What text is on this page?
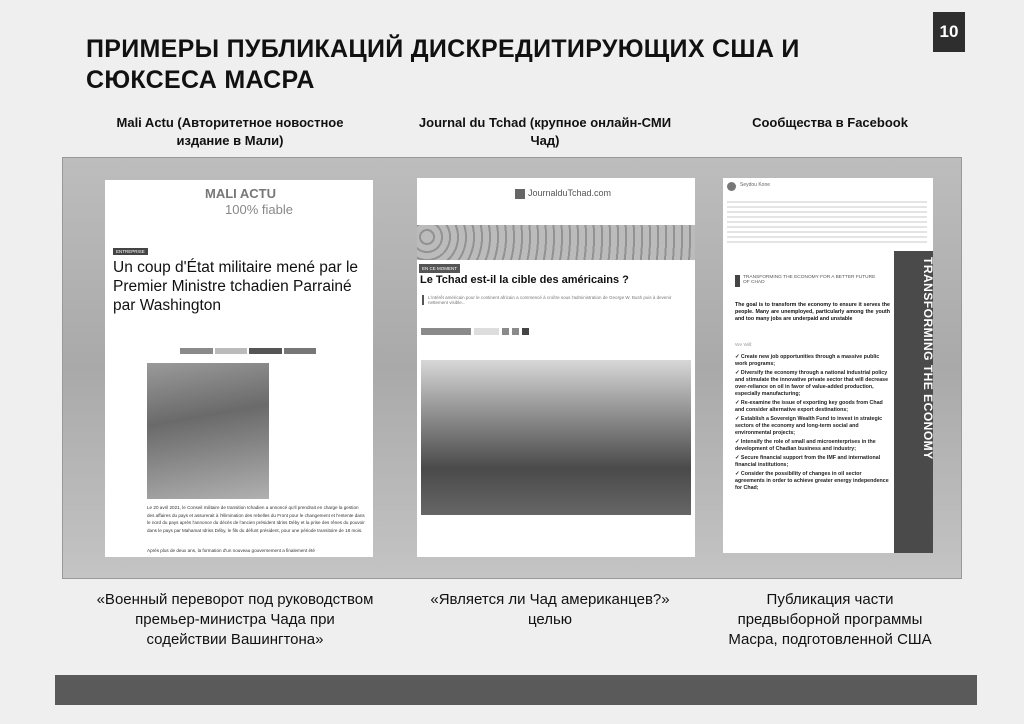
ПРИМЕРЫ ПУБЛИКАЦИЙ ДИСКРЕДИТИРУЮЩИХ США И СЮКСЕСА МАСРА
10
Mali Actu (Авторитетное новостное издание в Мали)
Journal du Tchad (крупное онлайн-СМИ Чад)
Сообщества в Facebook
MALI ACTU
100% fiable
ENTREPRISE
Un coup d'État militaire mené par le Premier Ministre tchadien Parrainé par Washington
Le 20 avril 2021, le Conseil militaire de transition tchadien a annoncé qu'il prendrait en charge la gestion des affaires du pays et assurerait à l'élimination des rebelles du Front pour le changement et l'entente dans le nord du pays après l'annonce du décès de l'ancien président Idriss Déby et la prise des rênes du pouvoir dans le pays par Mahamat Idriss Déby, le fils du défunt président, pour une période transitoire de 18 mois.
Après plus de deux ans, la formation d'un nouveau gouvernement a finalement été
JournalduTchad.com
EN CE MOMENT
Le Tchad est-il la cible des américains ?
L'intérêt américain pour le continent africain a commencé à croître sous l'administration de George W. Bush puis à devenir nettement visible...

Seydou Kone
TRANSFORMING THE ECONOMY
TRANSFORMING THE ECONOMY FOR A BETTER FUTURE OF CHAD
The goal is to transform the economy to ensure it serves the people. Many are unemployed, particularly among the youth and too many jobs are underpaid and unstable
We Will:
✓ Create new job opportunities through a massive public work programs;
✓ Diversify the economy through a national industrial policy and stimulate the innovative private sector that will decrease over-reliance on oil in favor of value-added production, especially manufacturing;
✓ Re-examine the issue of exporting key goods from Chad and consider alternative export destinations;
✓ Establish a Sovereign Wealth Fund to invest in strategic sectors of the economy and long-term social and environmental projects;
✓ Intensify the role of small and microenterprises in the development of Chadian business and industry;
✓ Secure financial support from the IMF and international financial institutions;
✓ Consider the possibility of changes in oil sector agreements in order to achieve greater energy independence for Chad;
«Военный переворот под руководством премьер-министра Чада при содействии Вашингтона»
«Является ли Чад американцев?» целью
Публикация части предвыборной программы Масра, подготовленной США
